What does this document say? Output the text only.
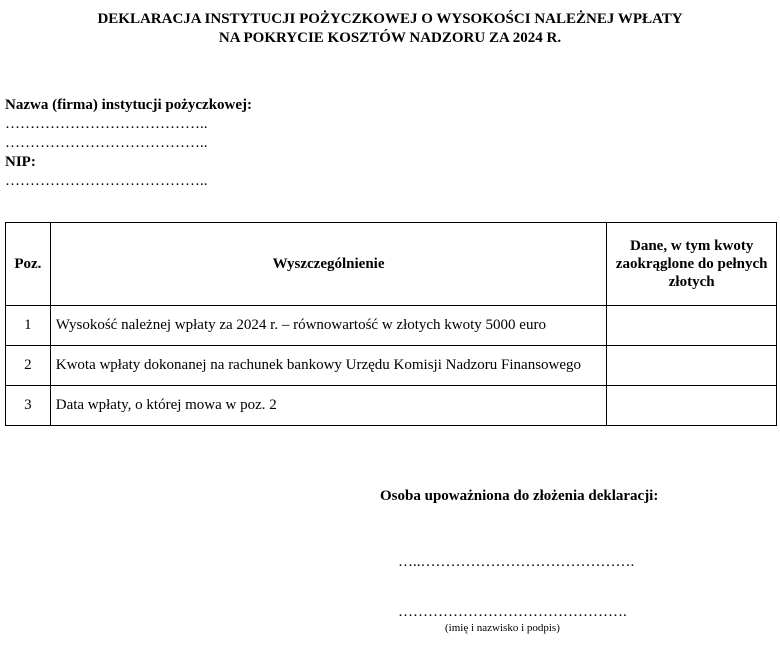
DEKLARACJA INSTYTUCJI POŻYCZKOWEJ O WYSOKOŚCI NALEŻNEJ WPŁATY
NA POKRYCIE KOSZTÓW NADZORU ZA 2024 R.
Nazwa (firma) instytucji pożyczkowej:
…………………………………..
…………………………………..
NIP:
…………………………………..
Poz.	Wyszczególnienie	Dane, w tym kwoty
zaokrąglone do pełnych
złotych

1	Wysokość należnej wpłaty za 2024 r. – równowartość w złotych kwoty 5000 euro	
2	Kwota wpłaty dokonanej na rachunek bankowy Urzędu Komisji Nadzoru Finansowego	
3	Data wpłaty, o której mowa w poz. 2	
Osoba upoważniona do złożenia deklaracji:
…..…………………………………….
……………………………………….
(imię i nazwisko i podpis)
